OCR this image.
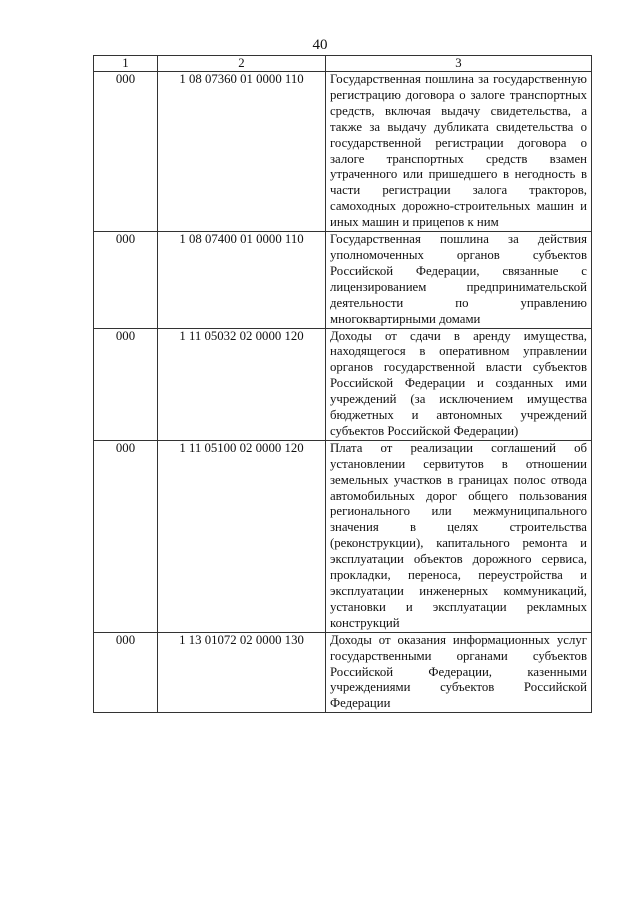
40
1	2	3
000	1 08 07360 01 0000 110	Государственная пошлина за государственную регистрацию договора о залоге транспортных средств, включая выдачу свидетельства, а также за выдачу дубликата свидетельства о государственной регистрации договора о залоге транспортных средств взамен утраченного или пришедшего в негодность в части регистрации залога тракторов, самоходных дорожно-строительных машин и иных машин и прицепов к ним
000	1 08 07400 01 0000 110	Государственная пошлина за действия уполномоченных органов субъектов Российской Федерации, связанные с лицензированием предпринимательской деятельности по управлению многоквартирными домами
000	1 11 05032 02 0000 120	Доходы от сдачи в аренду имущества, находящегося в оперативном управлении органов государственной власти субъектов Российской Федерации и созданных ими учреждений (за исключением имущества бюджетных и автономных учреждений субъектов Российской Федерации)
000	1 11 05100 02 0000 120	Плата от реализации соглашений об установлении сервитутов в отношении земельных участков в границах полос отвода автомобильных дорог общего пользования регионального или межмуниципального значения в целях строительства (реконструкции), капитального ремонта и эксплуатации объектов дорожного сервиса, прокладки, переноса, переустройства и эксплуатации инженерных коммуникаций, установки и эксплуатации рекламных конструкций
000	1 13 01072 02 0000 130	Доходы от оказания информационных услуг государственными органами субъектов Российской Федерации, казенными учреждениями субъектов Российской Федерации
